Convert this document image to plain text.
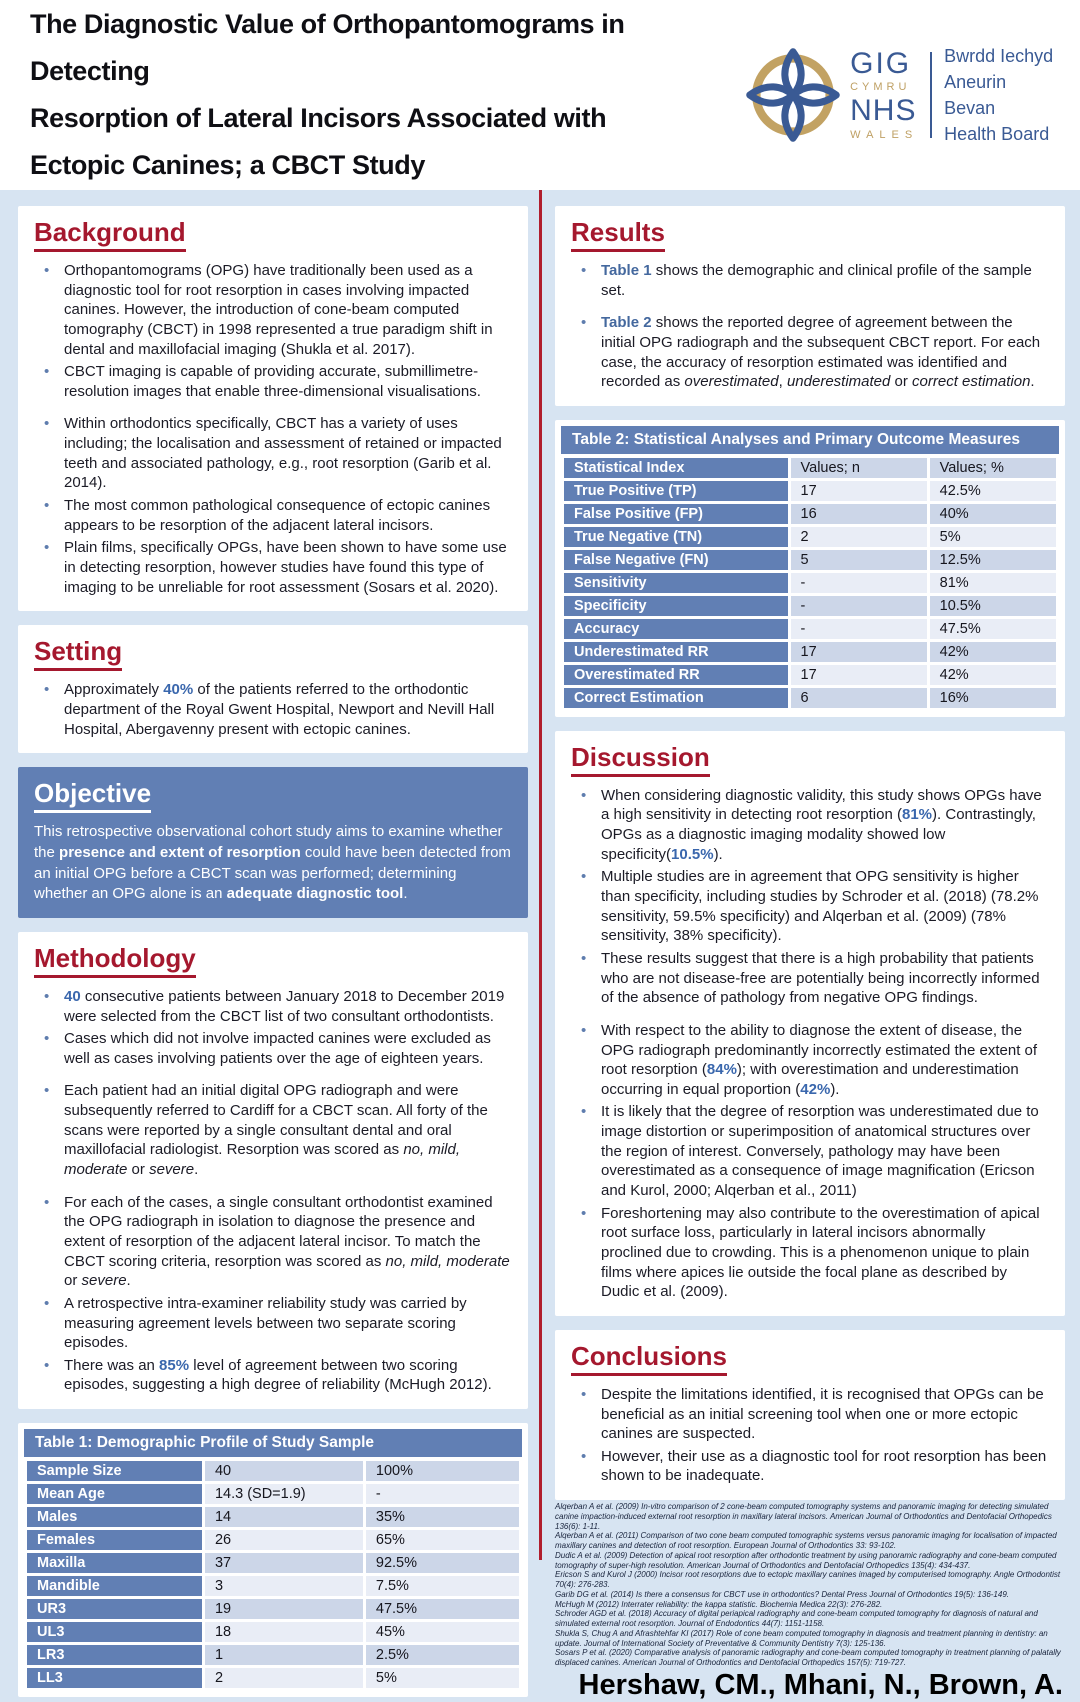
The Diagnostic Value of Orthopantomograms in Detecting
Resorption of Lateral Incisors Associated with
Ectopic Canines; a CBCT Study
GIG
CYMRU
NHS
WALES
Bwrdd Iechyd
Aneurin Bevan
Health Board
Background
• Orthopantomograms (OPG) have traditionally been used as a diagnostic tool for root resorption in cases involving impacted canines. However, the introduction of cone-beam computed tomography (CBCT) in 1998 represented a true paradigm shift in dental and maxillofacial imaging (Shukla et al. 2017).
• CBCT imaging is capable of providing accurate, submillimetre-resolution images that enable three-dimensional visualisations.
• Within orthodontics specifically, CBCT has a variety of uses including; the localisation and assessment of retained or impacted teeth and associated pathology, e.g., root resorption (Garib et al. 2014).
• The most common pathological consequence of ectopic canines appears to be resorption of the adjacent lateral incisors.
• Plain films, specifically OPGs, have been shown to have some use in detecting resorption, however studies have found this type of imaging to be unreliable for root assessment (Sosars et al. 2020).
Setting
• Approximately 40% of the patients referred to the orthodontic department of the Royal Gwent Hospital, Newport and Nevill Hall Hospital, Abergavenny present with ectopic canines.
Objective
This retrospective observational cohort study aims to examine whether the presence and extent of resorption could have been detected from an initial OPG before a CBCT scan was performed; determining whether an OPG alone is an adequate diagnostic tool.
Methodology
• 40 consecutive patients between January 2018 to December 2019 were selected from the CBCT list of two consultant orthodontists.
• Cases which did not involve impacted canines were excluded as well as cases involving patients over the age of eighteen years.
• Each patient had an initial digital OPG radiograph and were subsequently referred to Cardiff for a CBCT scan. All forty of the scans were reported by a single consultant dental and oral maxillofacial radiologist. Resorption was scored as no, mild, moderate or severe.
• For each of the cases, a single consultant orthodontist examined the OPG radiograph in isolation to diagnose the presence and extent of resorption of the adjacent lateral incisor. To match the CBCT scoring criteria, resorption was scored as no, mild, moderate or severe.
• A retrospective intra-examiner reliability study was carried by measuring agreement levels between two separate scoring episodes.
• There was an 85% level of agreement between two scoring episodes, suggesting a high degree of reliability (McHugh 2012).
Table 1: Demographic Profile of Study Sample
Sample Size	40	100%
Mean Age	14.3 (SD=1.9)	-
Males	14	35%
Females	26	65%
Maxilla	37	92.5%
Mandible	3	7.5%
UR3	19	47.5%
UL3	18	45%
LR3	1	2.5%
LL3	2	5%
Results
• Table 1 shows the demographic and clinical profile of the sample set.
• Table 2 shows the reported degree of agreement between the initial OPG radiograph and the subsequent CBCT report. For each case, the accuracy of resorption estimated was identified and recorded as overestimated, underestimated or correct estimation.
Table 2: Statistical Analyses and Primary Outcome Measures
Statistical Index	Values; n	Values; %
True Positive (TP)	17	42.5%
False Positive (FP)	16	40%
True Negative (TN)	2	5%
False Negative (FN)	5	12.5%
Sensitivity	-	81%
Specificity	-	10.5%
Accuracy	-	47.5%
Underestimated RR	17	42%
Overestimated RR	17	42%
Correct Estimation	6	16%
Discussion
• When considering diagnostic validity, this study shows OPGs have a high sensitivity in detecting root resorption (81%). Contrastingly, OPGs as a diagnostic imaging modality showed low specificity(10.5%).
• Multiple studies are in agreement that OPG sensitivity is higher than specificity, including studies by Schroder et al. (2018) (78.2% sensitivity, 59.5% specificity) and Alqerban et al. (2009) (78% sensitivity, 38% specificity).
• These results suggest that there is a high probability that patients who are not disease-free are potentially being incorrectly informed of the absence of pathology from negative OPG findings.
• With respect to the ability to diagnose the extent of disease, the OPG radiograph predominantly incorrectly estimated the extent of root resorption (84%); with overestimation and underestimation occurring in equal proportion (42%).
• It is likely that the degree of resorption was underestimated due to image distortion or superimposition of anatomical structures over the region of interest. Conversely, pathology may have been overestimated as a consequence of image magnification (Ericson and Kurol, 2000; Alqerban et al., 2011)
• Foreshortening may also contribute to the overestimation of apical root surface loss, particularly in lateral incisors abnormally proclined due to crowding. This is a phenomenon unique to plain films where apices lie outside the focal plane as described by Dudic et al. (2009).
Conclusions
• Despite the limitations identified, it is recognised that OPGs can be beneficial as an initial screening tool when one or more ectopic canines are suspected.
• However, their use as a diagnostic tool for root resorption has been shown to be inadequate.
Alqerban A et al. (2009) In-vitro comparison of 2 cone-beam computed tomography systems and panoramic imaging for detecting simulated canine impaction-induced external root resorption in maxillary lateral incisors. American Journal of Orthodontics and Dentofacial Orthopedics 136(6): 1-11.
Alqerban A et al. (2011) Comparison of two cone beam computed tomographic systems versus panoramic imaging for localisation of impacted maxillary canines and detection of root resorption. European Journal of Orthodontics 33: 93-102.
Dudic A et al. (2009) Detection of apical root resorption after orthodontic treatment by using panoramic radiography and cone-beam computed tomography of super-high resolution. American Journal of Orthodontics and Dentofacial Orthopedics 135(4): 434-437.
Ericson S and Kurol J (2000) Incisor root resorptions due to ectopic maxillary canines imaged by computerised tomography. Angle Orthodontist 70(4): 276-283.
Garib DG et al. (2014) Is there a consensus for CBCT use in orthodontics? Dental Press Journal of Orthodontics 19(5): 136-149.
McHugh M (2012) Interrater reliability: the kappa statistic. Biochemia Medica 22(3): 276-282.
Schroder AGD et al. (2018) Accuracy of digital periapical radiography and cone-beam computed tomography for diagnosis of natural and simulated external root resorption. Journal of Endodontics 44(7): 1151-1158.
Shukla S, Chug A and Afrashtehfar KI (2017) Role of cone beam computed tomography in diagnosis and treatment planning in dentistry: an update. Journal of International Society of Preventative & Community Dentistry 7(3): 125-136.
Sosars P et al. (2020) Comparative analysis of panoramic radiography and cone-beam computed tomography in treatment planning of palatally displaced canines. American Journal of Orthodontics and Dentofacial Orthopedics 157(5): 719-727.
Hershaw, CM., Mhani, N., Brown, A.
